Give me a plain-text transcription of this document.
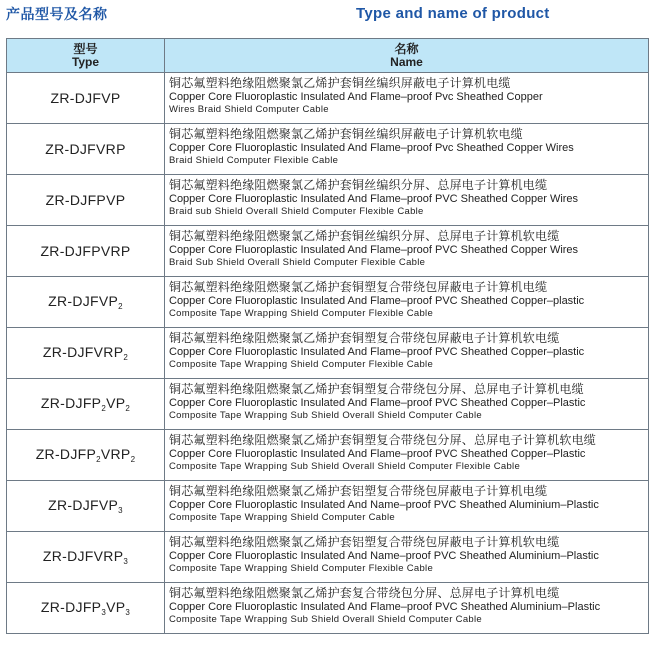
产品型号及名称	Type and name of product
型号
Type	名称
Name

ZR-DJFVP	铜芯氟塑料绝缘阻燃聚氯乙烯护套铜丝编织屏蔽电子计算机电缆
Copper Core Fluoroplastic Insulated And Flame–proof Pvc Sheathed Copper
Wires Braid Shield Computer Cable

ZR-DJFVRP	铜芯氟塑料绝缘阻燃聚氯乙烯护套铜丝编织屏蔽电子计算机软电缆
Copper Core Fluoroplastic Insulated And Flame–proof Pvc Sheathed Copper Wires
Braid Shield Computer Flexible Cable

ZR-DJFPVP	铜芯氟塑料绝缘阻燃聚氯乙烯护套铜丝编织分屏、总屏电子计算机电缆
Copper Core Fluoroplastic Insulated And Flame–proof PVC Sheathed Copper Wires
Braid sub Shield Overall Shield Computer Flexible Cable

ZR-DJFPVRP	铜芯氟塑料绝缘阻燃聚氯乙烯护套铜丝编织分屏、总屏电子计算机软电缆
Copper Core Fluoroplastic Insulated And Flame–proof PVC Sheathed Copper Wires
Braid Sub Shield Overall Shield Computer Flexible Cable

$ZR-DJFVP_2$	铜芯氟塑料绝缘阻燃聚氯乙烯护套铜塑复合带绕包屏蔽电子计算机电缆
Copper Core Fluoroplastic Insulated And Flame–proof PVC Sheathed Copper–plastic
Composite Tape Wrapping Shield Computer Flexible Cable

$ZR-DJFVRP_2$	铜芯氟塑料绝缘阻燃聚氯乙烯护套铜塑复合带绕包屏蔽电子计算机软电缆
Copper Core Fluoroplastic Insulated And Flame–proof PVC Sheathed Copper–plastic
Composite Tape Wrapping Shield Computer Flexible Cable

$ZR-DJFP_2VP_2$	铜芯氟塑料绝缘阻燃聚氯乙烯护套铜塑复合带绕包分屏、总屏电子计算机电缆
Copper Core Fluoroplastic Insulated And Flame–proof PVC Sheathed Copper–Plastic
Composite Tape Wrapping Sub Shield Overall Shield Computer Cable

$ZR-DJFP_2VRP_2$	铜芯氟塑料绝缘阻燃聚氯乙烯护套铜塑复合带绕包分屏、总屏电子计算机软电缆
Copper Core Fluoroplastic Insulated And Flame–proof PVC Sheathed Copper–Plastic
Composite Tape Wrapping Sub Shield Overall Shield Computer Flexible Cable

$ZR-DJFVP_3$	铜芯氟塑料绝缘阻燃聚氯乙烯护套铝塑复合带绕包屏蔽电子计算机电缆
Copper Core Fluoroplastic Insulated And Name–proof PVC Sheathed Aluminium–Plastic
Composite Tape Wrapping Shield Computer Cable

$ZR-DJFVRP_3$	铜芯氟塑料绝缘阻燃聚氯乙烯护套铝塑复合带绕包屏蔽电子计算机软电缆
Copper Core Fluoroplastic Insulated And Name–proof PVC Sheathed Aluminium–Plastic
Composite Tape Wrapping Shield Computer Flexible Cable

$ZR-DJFP_3VP_3$	铜芯氟塑料绝缘阻燃聚氯乙烯护套复合带绕包分屏、总屏电子计算机电缆
Copper Core Fluoroplastic Insulated And Flame–proof PVC Sheathed Aluminium–Plastic
Composite Tape Wrapping Sub Shield Overall Shield Computer Cable
